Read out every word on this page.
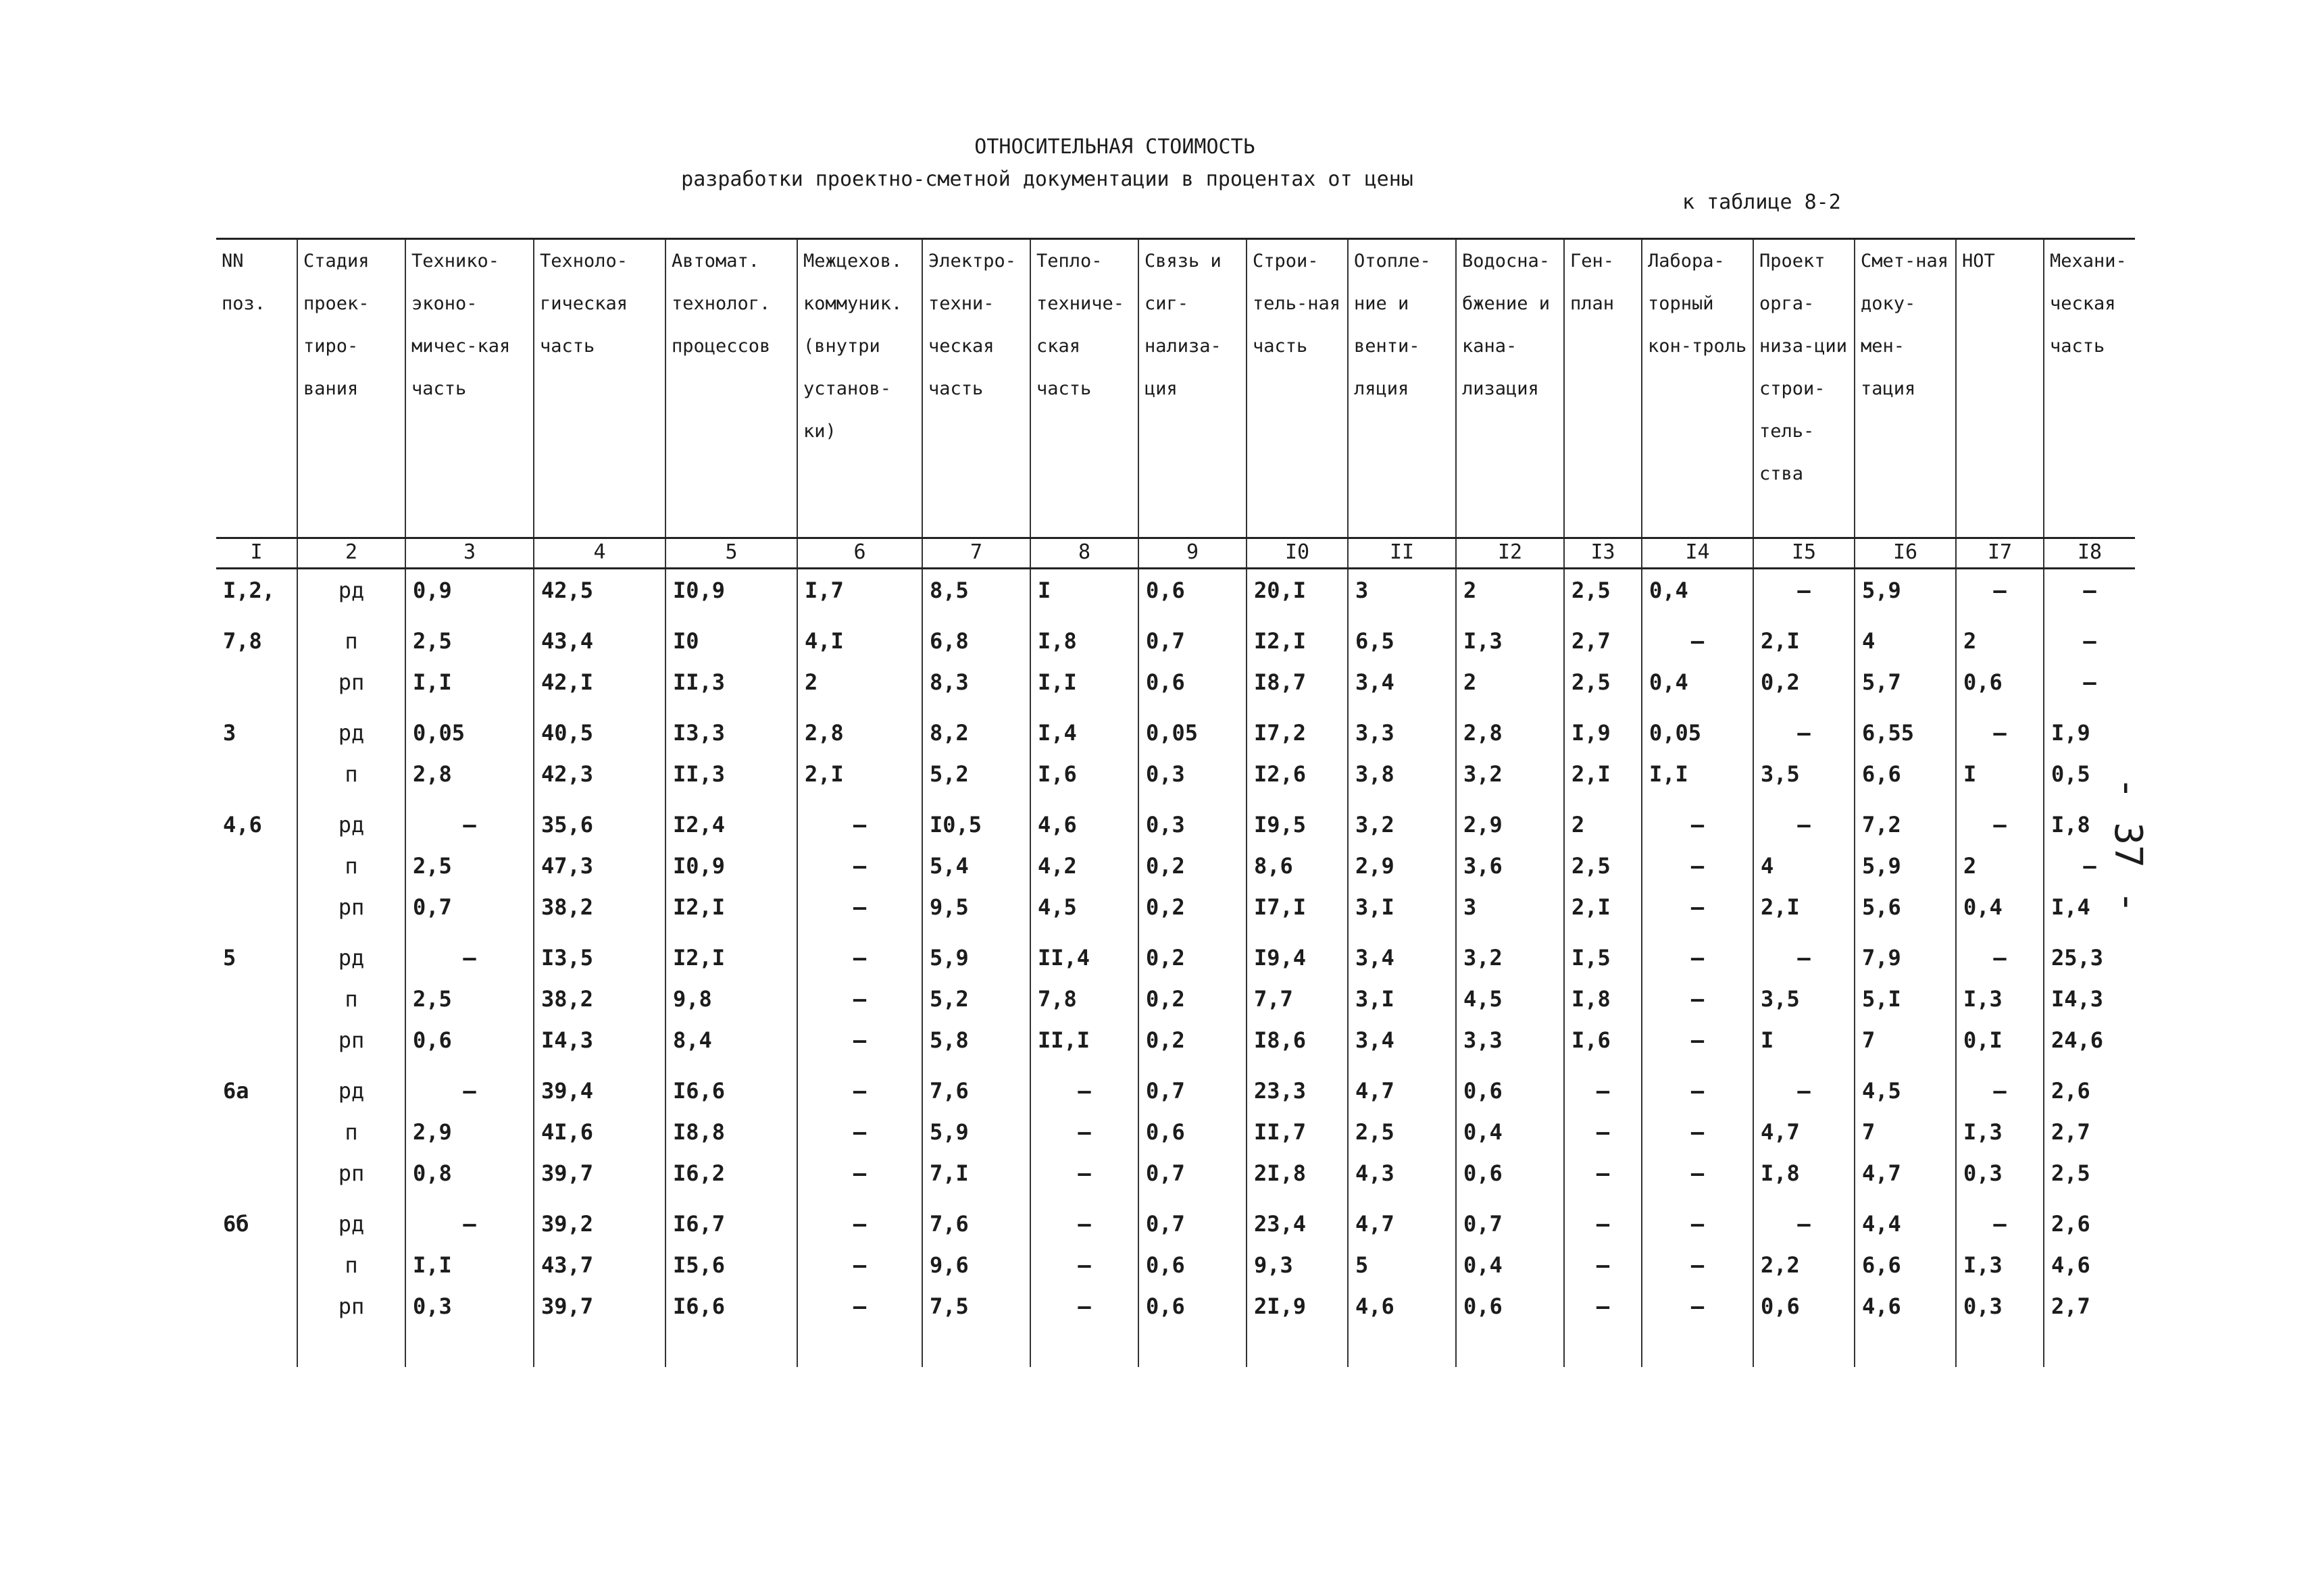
ОТНОСИТЕЛЬНАЯ СТОИМОСТЬ
разработки проектно-сметной документации в процентах от цены
к таблице 8-2
- 37 -
NN поз.	Стадия проек-тиро-вания	Технико-эконо-мичес-кая часть	Техноло-гическая часть	Автомат. технолог. процессов	Межцехов. коммуник. (внутри установ-ки)	Электро-техни-ческая часть	Тепло-техниче-ская часть	Связь и сиг-нализа-ция	Строи-тель-ная часть	Отопле-ние и венти-ляция	Водосна-бжение и кана-лизация	Ген-план	Лабора-торный кон-троль	Проект орга-низа-ции строи-тель-ства	Смет-ная доку-мен-тация	НОТ	Механи-ческая часть
I	2	3	4	5	6	7	8	9	I0	II	I2	I3	I4	I5	I6	I7	I8
I,2,	рд	0,9	42,5	I0,9	I,7	8,5	I	0,6	20,I	3	2	2,5	0,4	–	5,9	–	–
7,8	п	2,5	43,4	I0	4,I	6,8	I,8	0,7	I2,I	6,5	I,3	2,7	–	2,I	4	2	–
	рп	I,I	42,I	II,3	2	8,3	I,I	0,6	I8,7	3,4	2	2,5	0,4	0,2	5,7	0,6	–
3	рд	0,05	40,5	I3,3	2,8	8,2	I,4	0,05	I7,2	3,3	2,8	I,9	0,05	–	6,55	–	I,9
	п	2,8	42,3	II,3	2,I	5,2	I,6	0,3	I2,6	3,8	3,2	2,I	I,I	3,5	6,6	I	0,5
4,6	рд	–	35,6	I2,4	–	I0,5	4,6	0,3	I9,5	3,2	2,9	2	–	–	7,2	–	I,8
	п	2,5	47,3	I0,9	–	5,4	4,2	0,2	8,6	2,9	3,6	2,5	–	4	5,9	2	–
	рп	0,7	38,2	I2,I	–	9,5	4,5	0,2	I7,I	3,I	3	2,I	–	2,I	5,6	0,4	I,4
5	рд	–	I3,5	I2,I	–	5,9	II,4	0,2	I9,4	3,4	3,2	I,5	–	–	7,9	–	25,3
	п	2,5	38,2	9,8	–	5,2	7,8	0,2	7,7	3,I	4,5	I,8	–	3,5	5,I	I,3	I4,3
	рп	0,6	I4,3	8,4	–	5,8	II,I	0,2	I8,6	3,4	3,3	I,6	–	I	7	0,I	24,6
6а	рд	–	39,4	I6,6	–	7,6	–	0,7	23,3	4,7	0,6	–	–	–	4,5	–	2,6
	п	2,9	4I,6	I8,8	–	5,9	–	0,6	II,7	2,5	0,4	–	–	4,7	7	I,3	2,7
	рп	0,8	39,7	I6,2	–	7,I	–	0,7	2I,8	4,3	0,6	–	–	I,8	4,7	0,3	2,5
6б	рд	–	39,2	I6,7	–	7,6	–	0,7	23,4	4,7	0,7	–	–	–	4,4	–	2,6
	п	I,I	43,7	I5,6	–	9,6	–	0,6	9,3	5	0,4	–	–	2,2	6,6	I,3	4,6
	рп	0,3	39,7	I6,6	–	7,5	–	0,6	2I,9	4,6	0,6	–	–	0,6	4,6	0,3	2,7
